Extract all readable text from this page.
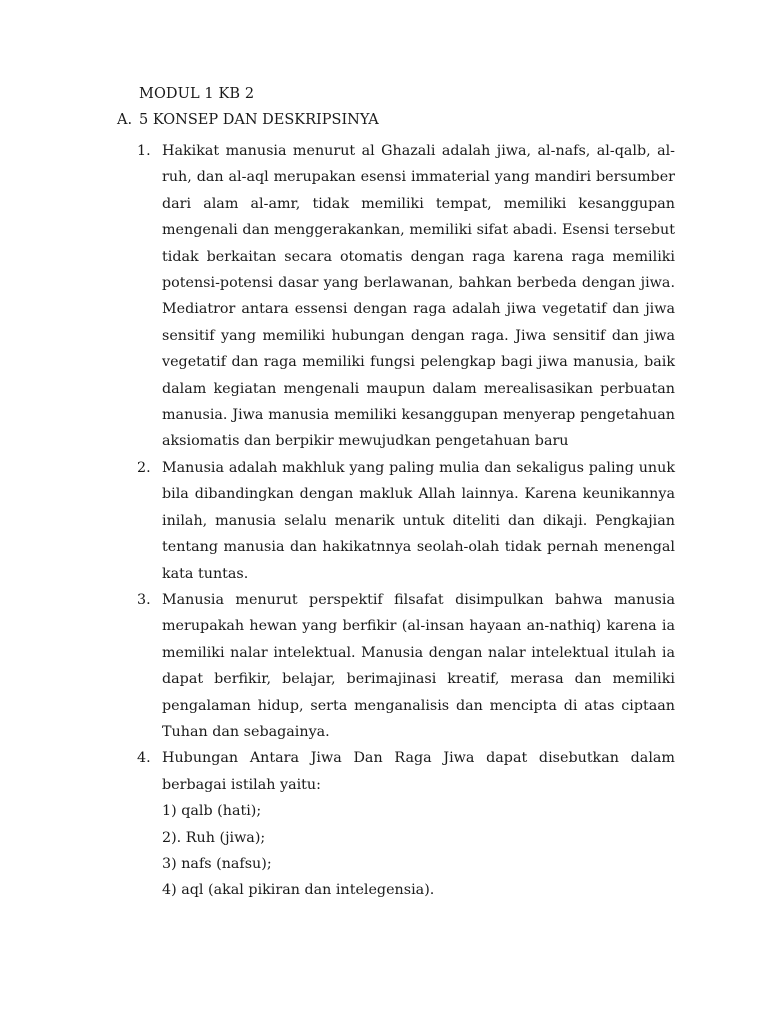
MODUL 1 KB 2
A. 5 KONSEP DAN DESKRIPSINYA
1. Hakikat manusia menurut al Ghazali adalah jiwa, al-nafs, al-qalb, al-ruh, dan al-aql merupakan esensi immaterial yang mandiri bersumber dari alam al-amr, tidak memiliki tempat, memiliki kesanggupan mengenali dan menggerakankan, memiliki sifat abadi. Esensi tersebut tidak berkaitan secara otomatis dengan raga karena raga memiliki potensi-potensi dasar yang berlawanan, bahkan berbeda dengan jiwa. Mediatror antara essensi dengan raga adalah jiwa vegetatif dan jiwa sensitif yang memiliki hubungan dengan raga. Jiwa sensitif dan jiwa vegetatif dan raga memiliki fungsi pelengkap bagi jiwa manusia, baik dalam kegiatan mengenali maupun dalam merealisasikan perbuatan manusia. Jiwa manusia memiliki kesanggupan menyerap pengetahuan aksiomatis dan berpikir mewujudkan pengetahuan baru
2. Manusia adalah makhluk yang paling mulia dan sekaligus paling unuk bila dibandingkan dengan makluk Allah lainnya. Karena keunikannya inilah, manusia selalu menarik untuk diteliti dan dikaji. Pengkajian tentang manusia dan hakikatnnya seolah-olah tidak pernah menengal kata tuntas.
3. Manusia menurut perspektif filsafat disimpulkan bahwa manusia merupakah hewan yang berfikir (al-insan hayaan an-nathiq) karena ia memiliki nalar intelektual. Manusia dengan nalar intelektual itulah ia dapat berfikir, belajar, berimajinasi kreatif, merasa dan memiliki pengalaman hidup, serta menganalisis dan mencipta di atas ciptaan Tuhan dan sebagainya.
4. Hubungan Antara Jiwa Dan Raga Jiwa dapat disebutkan dalam berbagai istilah yaitu:
1) qalb (hati);
2). Ruh (jiwa);
3) nafs (nafsu);
4) aql (akal pikiran dan intelegensia).
